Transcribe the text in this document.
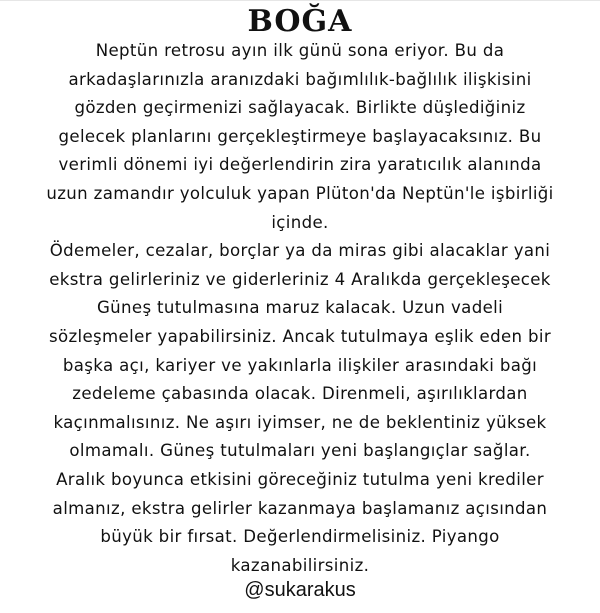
BOĞA
Neptün retrosu ayın ilk günü sona eriyor. Bu da
arkadaşlarınızla aranızdaki bağımlılık-bağlılık ilişkisini
gözden geçirmenizi sağlayacak. Birlikte düşlediğiniz
gelecek planlarını gerçekleştirmeye başlayacaksınız. Bu
verimli dönemi iyi değerlendirin zira yaratıcılık alanında
uzun zamandır yolculuk yapan Plüton'da Neptün'le işbirliği
içinde.
Ödemeler, cezalar, borçlar ya da miras gibi alacaklar yani
ekstra gelirleriniz ve giderleriniz 4 Aralıkda gerçekleşecek
Güneş tutulmasına maruz kalacak. Uzun vadeli
sözleşmeler yapabilirsiniz. Ancak tutulmaya eşlik eden bir
başka açı, kariyer ve yakınlarla ilişkiler arasındaki bağı
zedeleme çabasında olacak. Direnmeli, aşırılıklardan
kaçınmalısınız. Ne aşırı iyimser, ne de beklentiniz yüksek
olmamalı. Güneş tutulmaları yeni başlangıçlar sağlar.
Aralık boyunca etkisini göreceğiniz tutulma yeni krediler
almanız, ekstra gelirler kazanmaya başlamanız açısından
büyük bir fırsat. Değerlendirmelisiniz. Piyango
kazanabilirsiniz.
@sukarakus
